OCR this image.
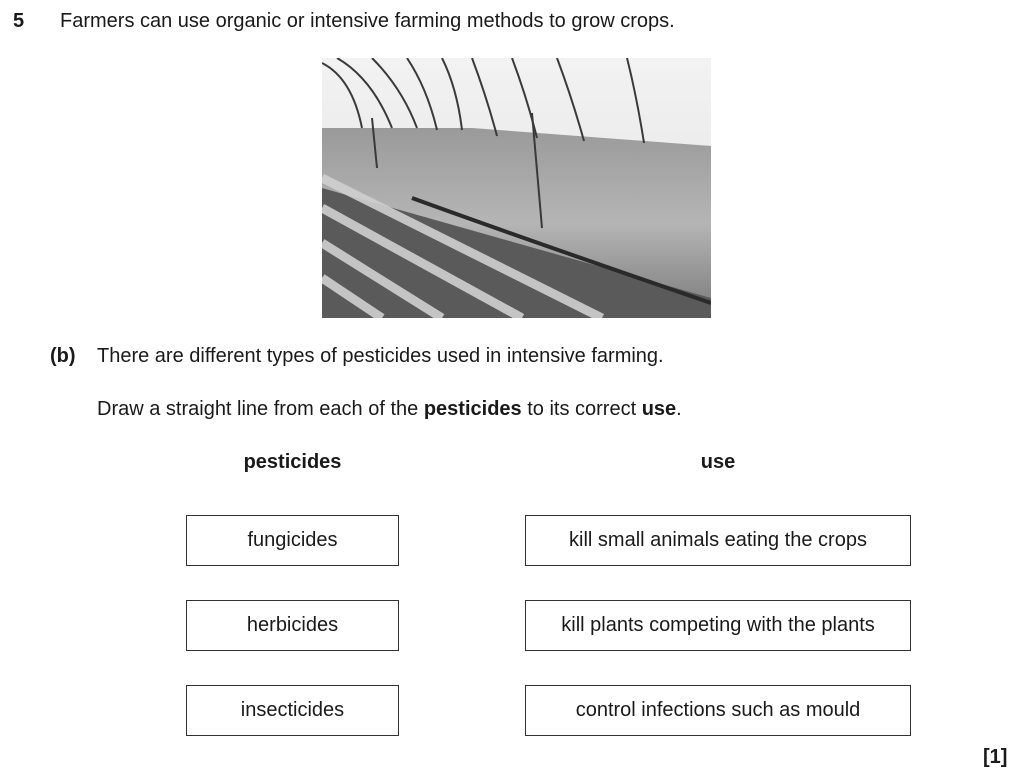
5 Farmers can use organic or intensive farming methods to grow crops.
(b) There are different types of pesticides used in intensive farming.
Draw a straight line from each of the pesticides to its correct use.
pesticides	use
fungicides
herbicides
insecticides
kill small animals eating the crops
kill plants competing with the plants
control infections such as mould
[1]
